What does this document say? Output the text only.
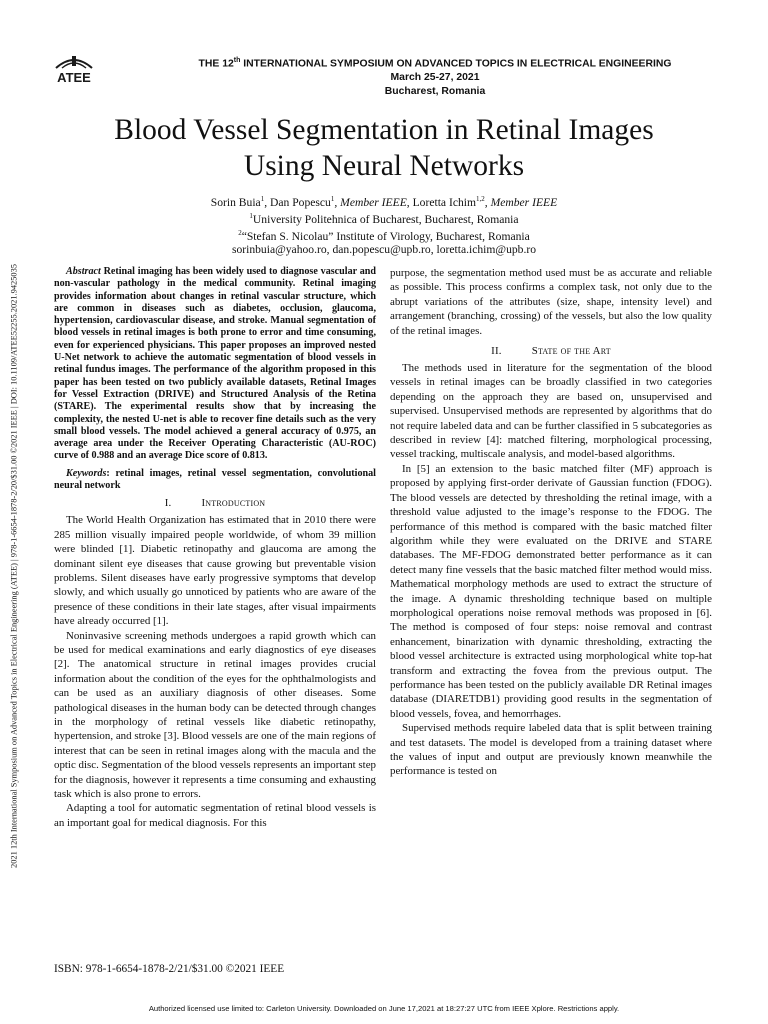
ATEE
THE 12th INTERNATIONAL SYMPOSIUM ON ADVANCED TOPICS IN ELECTRICAL ENGINEERING
March 25-27, 2021
Bucharest, Romania
Blood Vessel Segmentation in Retinal Images
Using Neural Networks
Sorin Buia$^1$, Dan Popescu$^1$, Member IEEE, Loretta Ichim$^{1,2}$, Member IEEE
$^1$University Politehnica of Bucharest, Bucharest, Romania
$^2$“Stefan S. Nicolau” Institute of Virology, Bucharest, Romania
sorinbuia@yahoo.ro, dan.popescu@upb.ro, loretta.ichim@upb.ro
2021 12th International Symposium on Advanced Topics in Electrical Engineering (ATEE) | 978-1-6654-1878-2/20/$31.00 ©2021 IEEE | DOI: 10.1109/ATEE52255.2021.9425035	Abstract Retinal imaging has been widely used to diagnose vascular and non-vascular pathology in the medical community. Retinal imaging provides information about changes in retinal vascular structure, which are common in diseases such as diabetes, occlusion, glaucoma, hypertension, cardiovascular disease, and stroke. Manual segmentation of blood vessels in retinal images is both prone to error and time consuming, even for experienced physicians. This paper proposes an improved nested U-Net network to achieve the automatic segmentation of blood vessels in retinal fundus images. The performance of the algorithm proposed in this paper has been tested on two publicly available datasets, Retinal Images for Vessel Extraction (DRIVE) and Structured Analysis of the Retina (STARE). The experimental results show that by increasing the complexity, the nested U-net is able to recover fine details such as the very small blood vessels. The model achieved a general accuracy of 0.975, an average area under the Receiver Operating Characteristic (AU-ROC) curve of 0.988 and an average Dice score of 0.813.

Keywords: retinal images, retinal vessel segmentation, convolutional neural network

I.	Introduction

The World Health Organization has estimated that in 2010 there were 285 million visually impaired people worldwide, of whom 39 million were blinded [1]. Diabetic retinopathy and glaucoma are among the dominant silent eye diseases that cause growing but preventable vision problems. Silent diseases have early progressive symptoms that develop slowly, and which usually go unnoticed by patients who are aware of the presence of these conditions in their late stages, after visual impairments have already occurred [1].

Noninvasive screening methods undergoes a rapid growth which can be used for medical examinations and early diagnostics of eye diseases [2]. The anatomical structure in retinal images provides crucial information about the condition of the eyes for the ophthalmologists and can be used as an auxiliary diagnosis of other diseases. Some pathological diseases in the human body can be detected through changes in the morphology of retinal vessels like diabetic retinopathy, hypertension, and stroke [3]. Blood vessels are one of the main regions of interest that can be seen in retinal images along with the macula and the optic disc. Segmentation of the blood vessels represents an important step for the diagnosis, however it represents a time consuming and exhausting task which is also prone to errors.

Adapting a tool for automatic segmentation of retinal blood vessels is an important goal for medical diagnosis. For this

purpose, the segmentation method used must be as accurate and reliable as possible. This process confirms a complex task, not only due to the abrupt variations of the attributes (size, shape, intensity level) and arrangement (branching, crossing) of the vessels, but also the low quality of the retinal images.

II.	State of the Art

The methods used in literature for the segmentation of the blood vessels in retinal images can be broadly classified in two categories depending on the approach they are based on, unsupervised and supervised. Unsupervised methods are represented by algorithms that do not require labeled data and can be further classified in 5 subcategories as described in review [4]: matched filtering, morphological processing, vessel tracking, multiscale analysis, and model-based algorithms.

In [5] an extension to the basic matched filter (MF) approach is proposed by applying first-order derivate of Gaussian function (FDOG). The blood vessels are detected by thresholding the retinal image, with a threshold value adjusted to the image’s response to the FDOG. The performance of this method is compared with the basic matched filter algorithm while they were evaluated on the DRIVE and STARE databases. The MF-FDOG demonstrated better performance as it can detect many fine vessels that the basic matched filter method would miss. Mathematical morphology methods are used to extract the structure of the image. A dynamic thresholding technique based on multiple morphological operations noise removal methods was proposed in [6]. The method is composed of four steps: noise removal and contrast enhancement, binarization with dynamic thresholding, extracting the blood vessel architecture is extracted using morphological white top-hat transform and extracting the fovea from the previous output. The performance has been tested on the publicly available DR Retinal images database (DIARETDB1) providing good results in the segmentation of blood vessels, fovea, and hemorrhages.

Supervised methods require labeled data that is split between training and test datasets. The model is developed from a training dataset where the values of input and output are previously known meanwhile the performance is tested on

ISBN: 978-1-6654-1878-2/21/$31.00 ©2021 IEEE
Authorized licensed use limited to: Carleton University. Downloaded on June 17,2021 at 18:27:27 UTC from IEEE Xplore. Restrictions apply.
